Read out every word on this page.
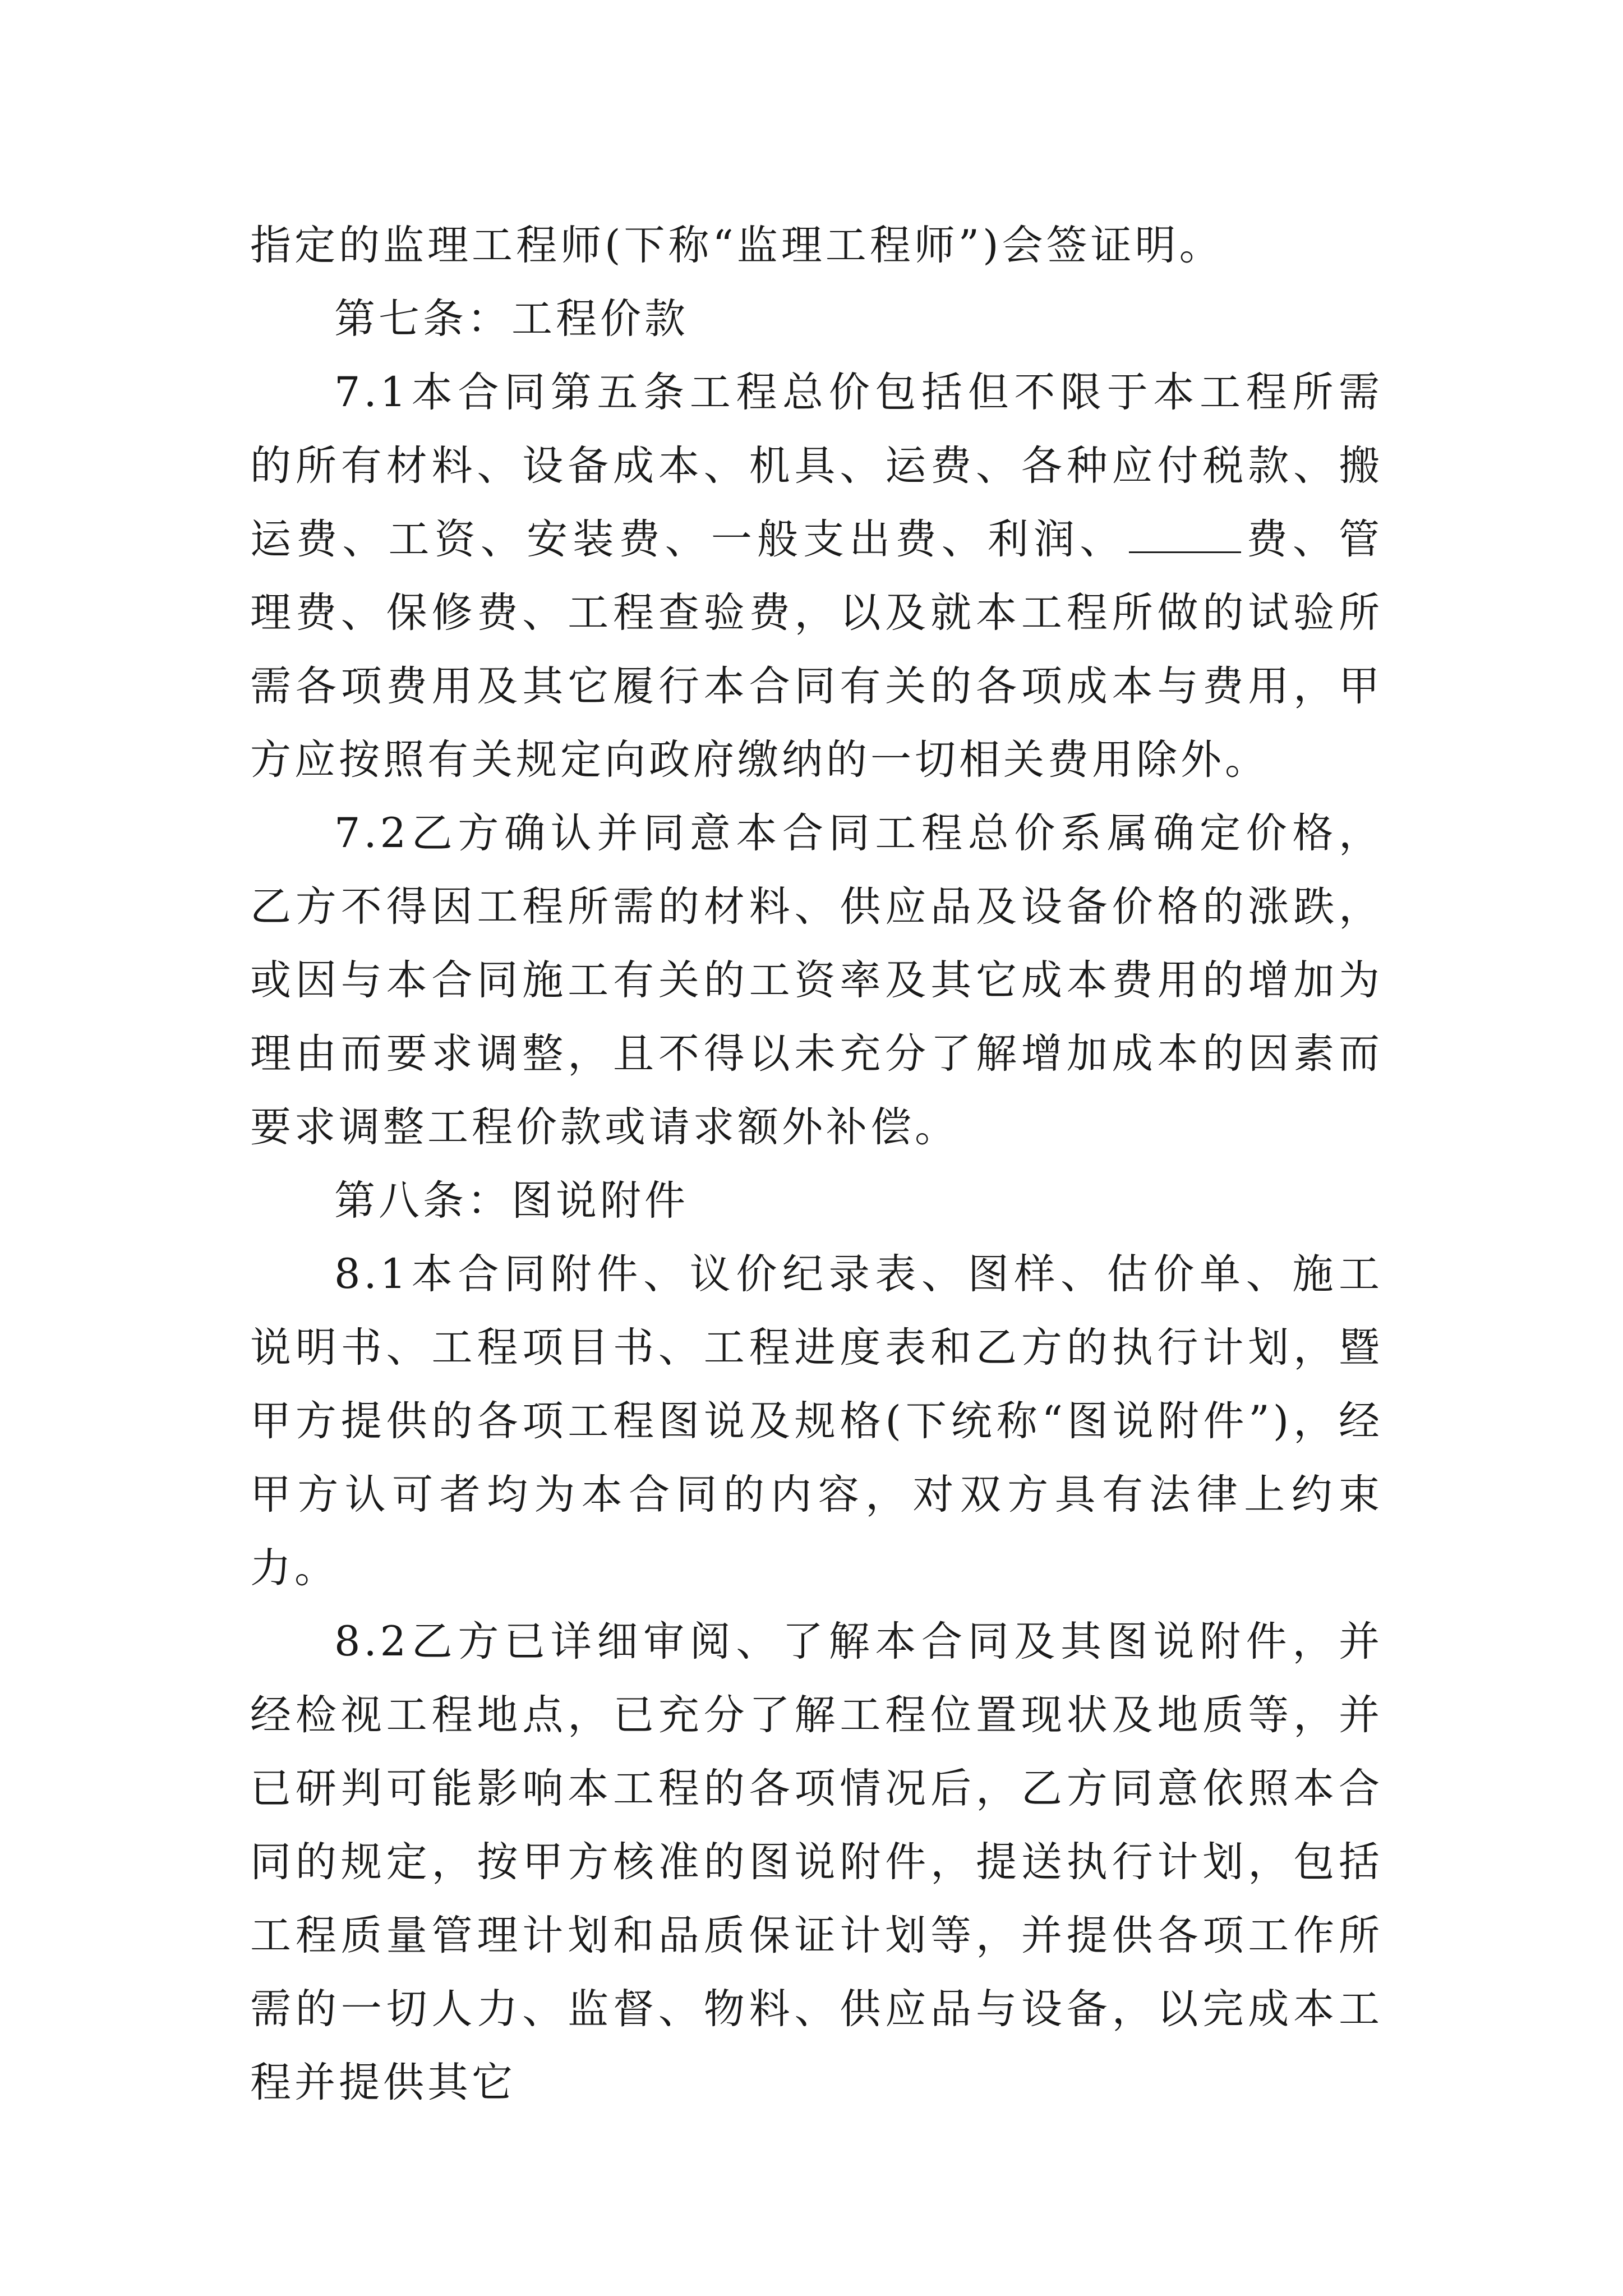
指定的监理工程师(下称“监理工程师”)会签证明。

第七条：工程价款

7.1本合同第五条工程总价包括但不限于本工程所需的所有材料、设备成本、机具、运费、各种应付税款、搬运费、工资、安装费、一般支出费、利润、	费、管理费、保修费、工程查验费，以及就本工程所做的试验所需各项费用及其它履行本合同有关的各项成本与费用，甲方应按照有关规定向政府缴纳的一切相关费用除外。

7.2乙方确认并同意本合同工程总价系属确定价格，乙方不得因工程所需的材料、供应品及设备价格的涨跌，或因与本合同施工有关的工资率及其它成本费用的增加为理由而要求调整，且不得以未充分了解增加成本的因素而要求调整工程价款或请求额外补偿。

第八条：图说附件

8.1本合同附件、议价纪录表、图样、估价单、施工说明书、工程项目书、工程进度表和乙方的执行计划，暨甲方提供的各项工程图说及规格(下统称“图说附件”)，经甲方认可者均为本合同的内容，对双方具有法律上约束力。

8.2乙方已详细审阅、了解本合同及其图说附件，并经检视工程地点，已充分了解工程位置现状及地质等，并已研判可能影响本工程的各项情况后，乙方同意依照本合同的规定，按甲方核准的图说附件，提送执行计划，包括工程质量管理计划和品质保证计划等，并提供各项工作所需的一切人力、监督、物料、供应品与设备，以完成本工程并提供其它
